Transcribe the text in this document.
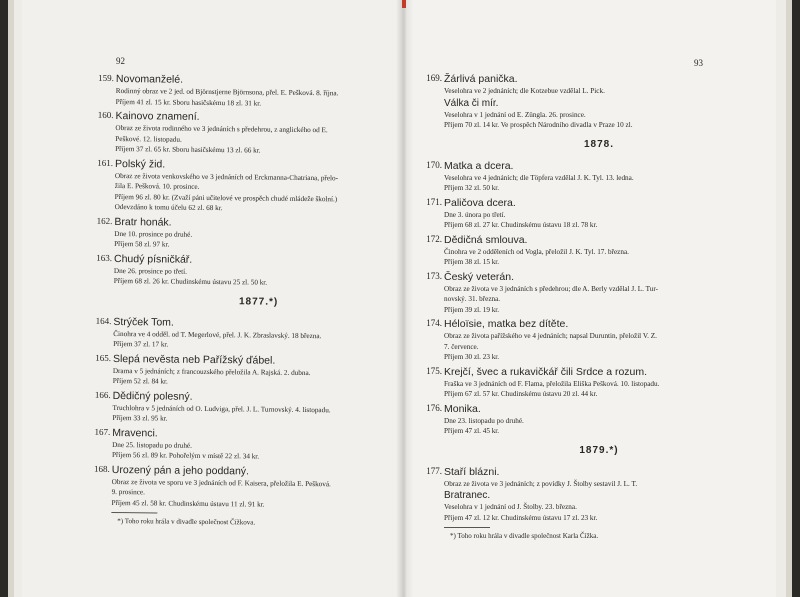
92
159. Novomanželé.
Rodinný obraz ve 2 jed. od Björnstjerne Björnsona, přel. E. Pešková. 8. října.
Příjem 41 zl. 15 kr. Sboru hasičskému 18 zl. 31 kr.
160. Kainovo znamení.
Obraz ze života rodinného ve 3 jednáních s předehrou, z anglického od E.
Peškové. 12. listopadu.
Příjem 37 zl. 65 kr. Sboru hasičskému 13 zl. 66 kr.
161. Polský žid.
Obraz ze života venkovského ve 3 jednáních od Erckmanna-Chatriana, přelo-
žila E. Pešková. 10. prosince.
Příjem 96 zl. 80 kr. (Zvaží páni učitelové ve prospěch chudé mládeže školní.)
Odevzdáno k tomu účelu 62 zl. 68 kr.
162. Bratr honák.
Dne 10. prosince po druhé.
Příjem 58 zl. 97 kr.
163. Chudý písničkář.
Dne 26. prosince po třetí.
Příjem 68 zl. 26 kr. Chudinskému ústavu 25 zl. 50 kr.
1877.*)
164. Strýček Tom.
Činohra ve 4 odděl. od T. Megerlové, přel. J. K. Zbraslavský. 18 března.
Příjem 37 zl. 17 kr.
165. Slepá nevěsta neb Pařížský ďábel.
Drama v 5 jednáních; z francouzského přeložila A. Rajská. 2. dubna.
Příjem 52 zl. 84 kr.
166. Dědičný polesný.
Truchlohra v 5 jednáních od O. Ludviga, přel. J. L. Turnovský. 4. listopadu.
Příjem 33 zl. 95 kr.
167. Mravenci.
Dne 25. listopadu po druhé.
Příjem 56 zl. 89 kr. Pohořelým v místě 22 zl. 34 kr.
168. Urozený pán a jeho poddaný.
Obraz ze života ve sporu ve 3 jednáních od F. Kaisera, přeložila E. Pešková.
9. prosince.
Příjem 45 zl. 58 kr. Chudinskému ústavu 11 zl. 91 kr.
*) Toho roku hrála v divadle společnost Čížkova.
93
169. Žárlivá panička.
Veselohra ve 2 jednáních; dle Kotzebue vzdělal L. Pick.
Válka či mír.
Veselohra v 1 jednání od E. Züngla. 26. prosince.
Příjem 70 zl. 14 kr. Ve prospěch Národního divadla v Praze 10 zl.
1878.
170. Matka a dcera.
Veselohra ve 4 jednáních; dle Töpfera vzdělal J. K. Tyl. 13. ledna.
Příjem 32 zl. 50 kr.
171. Paličova dcera.
Dne 3. února po třetí.
Příjem 68 zl. 27 kr. Chudinskému ústavu 18 zl. 78 kr.
172. Dědičná smlouva.
Činohra ve 2 odděleních od Vogla, přeložil J. K. Tyl. 17. března.
Příjem 38 zl. 15 kr.
173. Český veterán.
Obraz ze života ve 3 jednáních s předehrou; dle A. Berly vzdělal J. L. Tur-
novský. 31. března.
Příjem 39 zl. 19 kr.
174. Héloïsie, matka bez dítěte.
Obraz ze života pařížského ve 4 jednáních; napsal Duruntin, přeložil V. Z.
7. července.
Příjem 30 zl. 23 kr.
175. Krejčí, švec a rukavičkář čili Srdce a rozum.
Fraška ve 3 jednáních od F. Flama, přeložila Eliška Pešková. 10. listopadu.
Příjem 67 zl. 57 kr. Chudinskému ústavu 20 zl. 44 kr.
176. Monika.
Dne 23. listopadu po druhé.
Příjem 47 zl. 45 kr.
1879.*)
177. Staří blázni.
Obraz ze života ve 3 jednáních; z povídky J. Štolby sestavil J. L. T.
Bratranec.
Veselohra v 1 jednání od J. Štolby. 23. března.
Příjem 47 zl. 12 kr. Chudinskému ústavu 17 zl. 23 kr.
*) Toho roku hrála v divadle společnost Karla Čížka.
